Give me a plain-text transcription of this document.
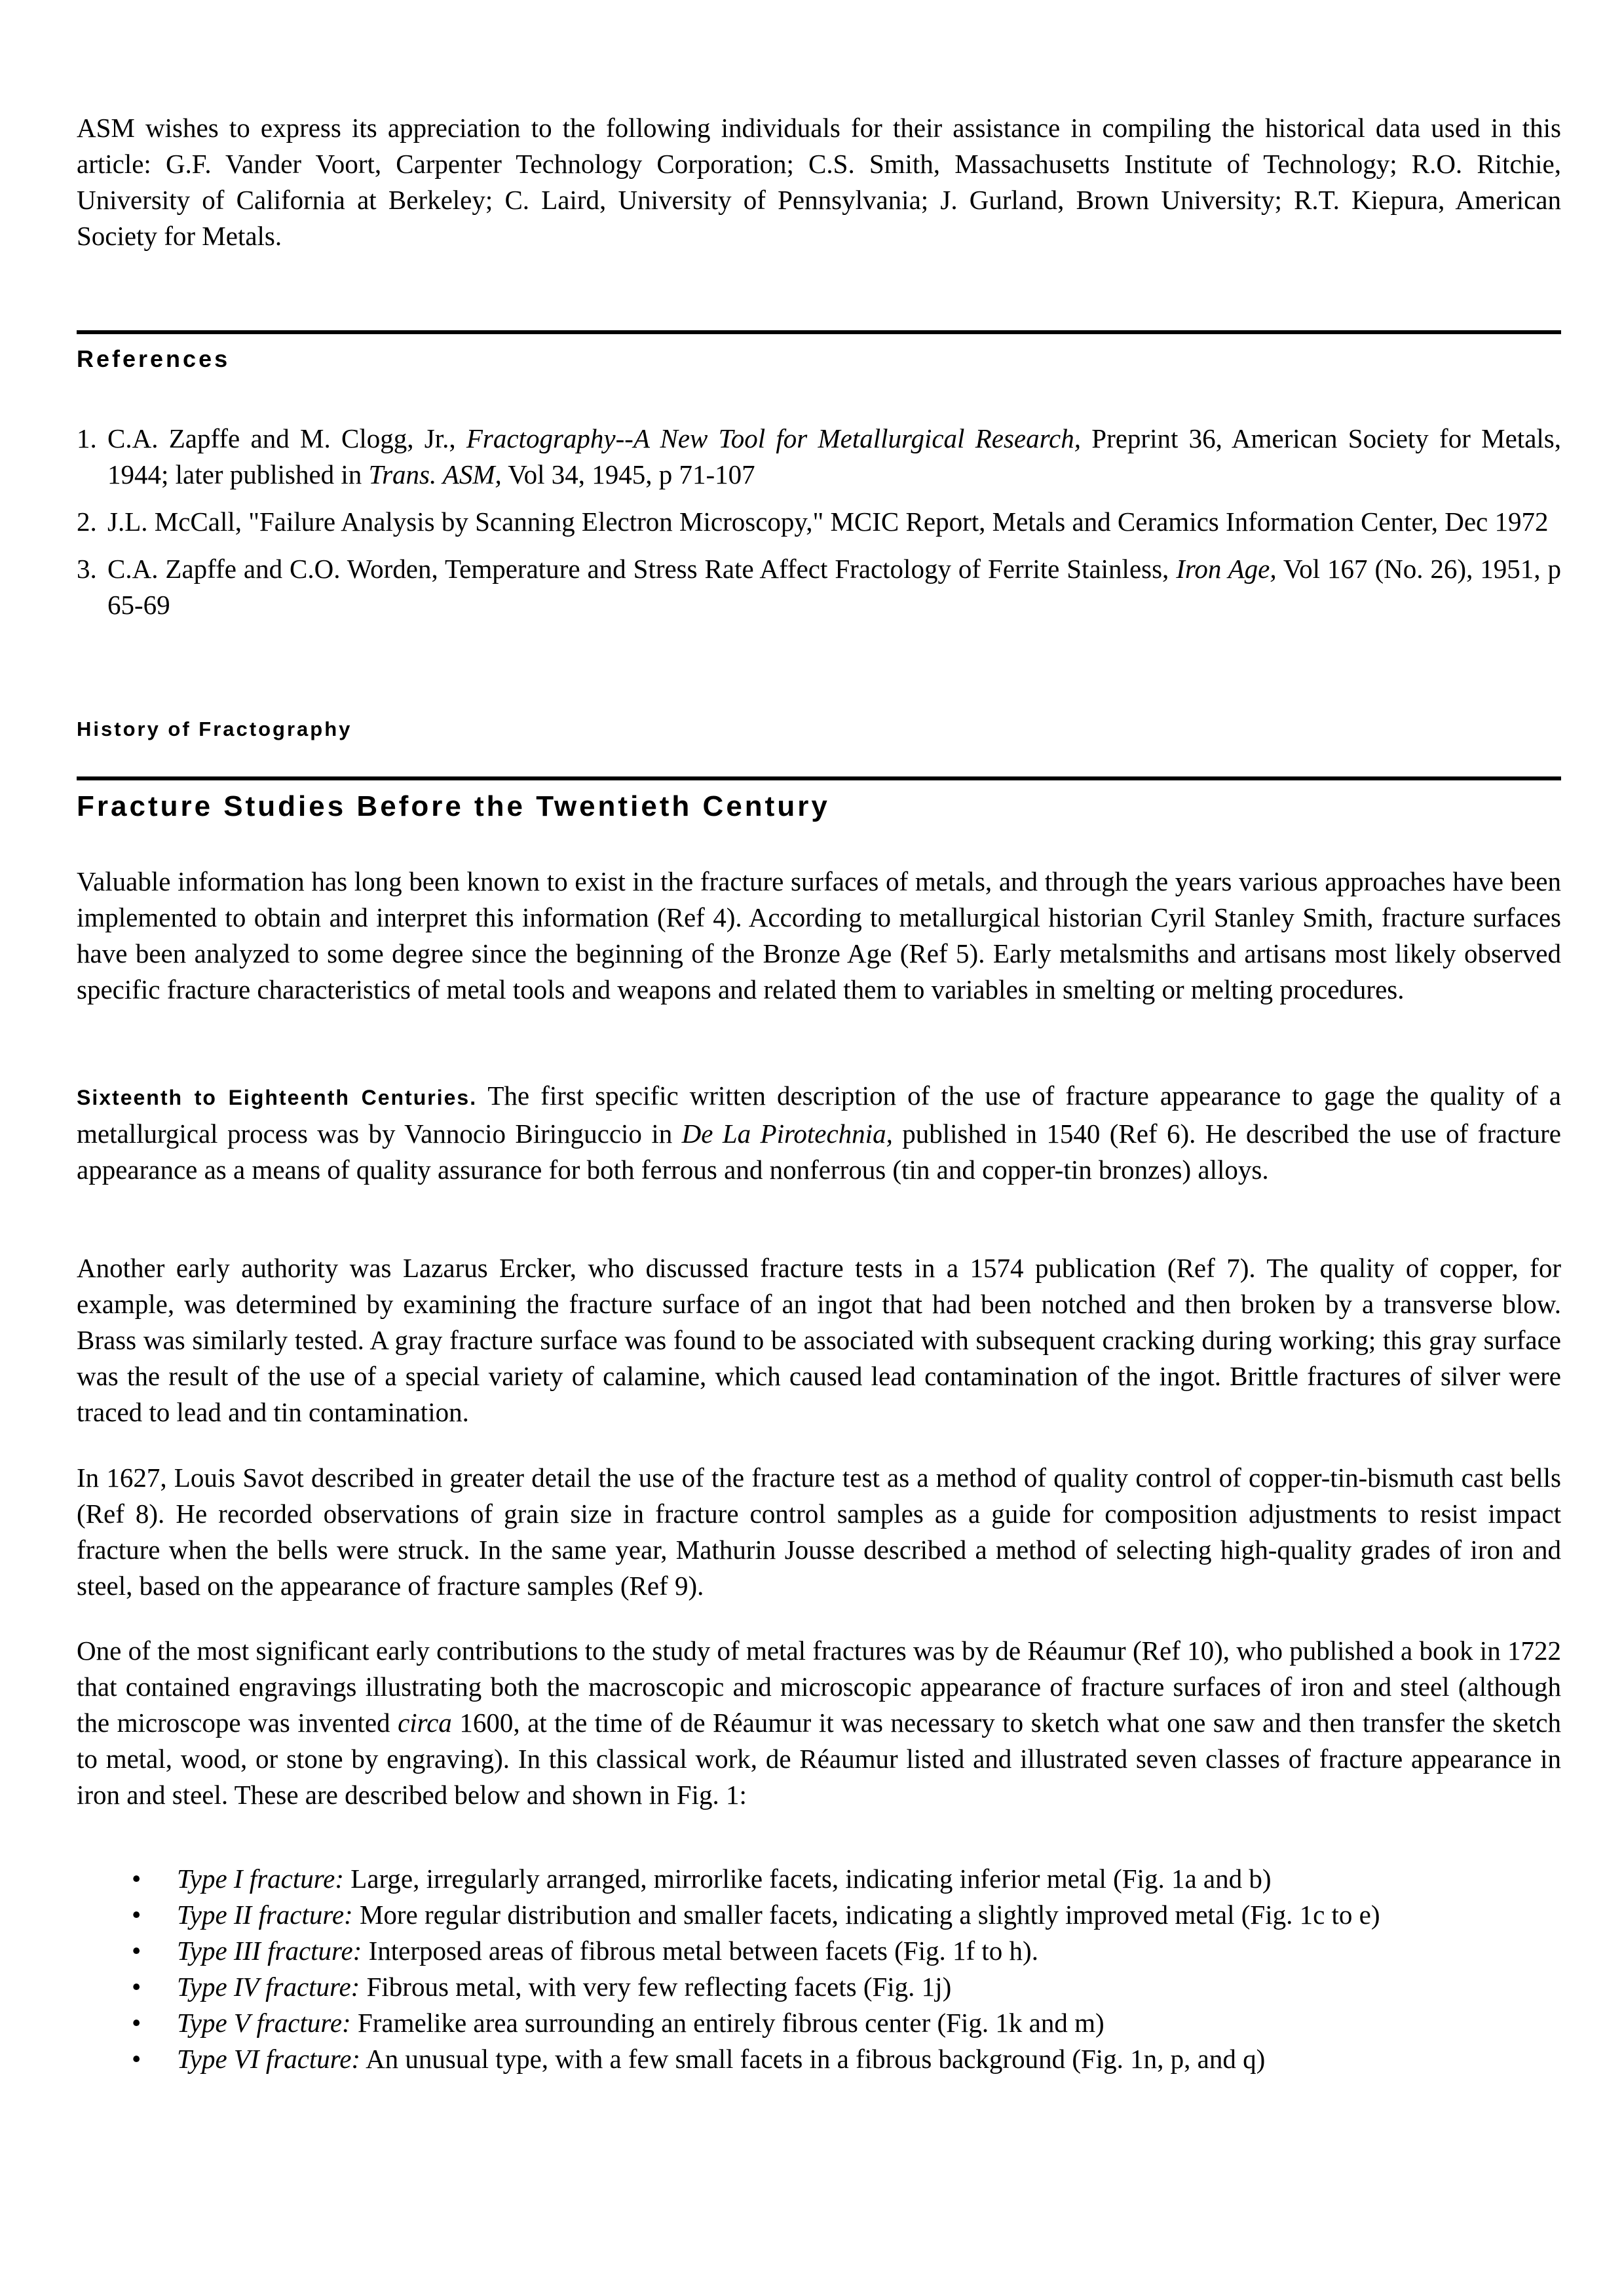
ASM wishes to express its appreciation to the following individuals for their assistance in compiling the historical data used in this article: G.F. Vander Voort, Carpenter Technology Corporation; C.S. Smith, Massachusetts Institute of Technology; R.O. Ritchie, University of California at Berkeley; C. Laird, University of Pennsylvania; J. Gurland, Brown University; R.T. Kiepura, American Society for Metals.
References
1. C.A. Zapffe and M. Clogg, Jr., Fractography--A New Tool for Metallurgical Research, Preprint 36, American Society for Metals, 1944; later published in Trans. ASM, Vol 34, 1945, p 71-107
2. J.L. McCall, "Failure Analysis by Scanning Electron Microscopy," MCIC Report, Metals and Ceramics Information Center, Dec 1972
3. C.A. Zapffe and C.O. Worden, Temperature and Stress Rate Affect Fractology of Ferrite Stainless, Iron Age, Vol 167 (No. 26), 1951, p 65-69
History of Fractography
Fracture Studies Before the Twentieth Century
Valuable information has long been known to exist in the fracture surfaces of metals, and through the years various approaches have been implemented to obtain and interpret this information (Ref 4). According to metallurgical historian Cyril Stanley Smith, fracture surfaces have been analyzed to some degree since the beginning of the Bronze Age (Ref 5). Early metalsmiths and artisans most likely observed specific fracture characteristics of metal tools and weapons and related them to variables in smelting or melting procedures.
Sixteenth to Eighteenth Centuries. The first specific written description of the use of fracture appearance to gage the quality of a metallurgical process was by Vannocio Biringuccio in De La Pirotechnia, published in 1540 (Ref 6). He described the use of fracture appearance as a means of quality assurance for both ferrous and nonferrous (tin and copper-tin bronzes) alloys.
Another early authority was Lazarus Ercker, who discussed fracture tests in a 1574 publication (Ref 7). The quality of copper, for example, was determined by examining the fracture surface of an ingot that had been notched and then broken by a transverse blow. Brass was similarly tested. A gray fracture surface was found to be associated with subsequent cracking during working; this gray surface was the result of the use of a special variety of calamine, which caused lead contamination of the ingot. Brittle fractures of silver were traced to lead and tin contamination.
In 1627, Louis Savot described in greater detail the use of the fracture test as a method of quality control of copper-tin-bismuth cast bells (Ref 8). He recorded observations of grain size in fracture control samples as a guide for composition adjustments to resist impact fracture when the bells were struck. In the same year, Mathurin Jousse described a method of selecting high-quality grades of iron and steel, based on the appearance of fracture samples (Ref 9).
One of the most significant early contributions to the study of metal fractures was by de Réaumur (Ref 10), who published a book in 1722 that contained engravings illustrating both the macroscopic and microscopic appearance of fracture surfaces of iron and steel (although the microscope was invented circa 1600, at the time of de Réaumur it was necessary to sketch what one saw and then transfer the sketch to metal, wood, or stone by engraving). In this classical work, de Réaumur listed and illustrated seven classes of fracture appearance in iron and steel. These are described below and shown in Fig. 1:
• Type I fracture: Large, irregularly arranged, mirrorlike facets, indicating inferior metal (Fig. 1a and b)
• Type II fracture: More regular distribution and smaller facets, indicating a slightly improved metal (Fig. 1c to e)
• Type III fracture: Interposed areas of fibrous metal between facets (Fig. 1f to h).
• Type IV fracture: Fibrous metal, with very few reflecting facets (Fig. 1j)
• Type V fracture: Framelike area surrounding an entirely fibrous center (Fig. 1k and m)
• Type VI fracture: An unusual type, with a few small facets in a fibrous background (Fig. 1n, p, and q)
